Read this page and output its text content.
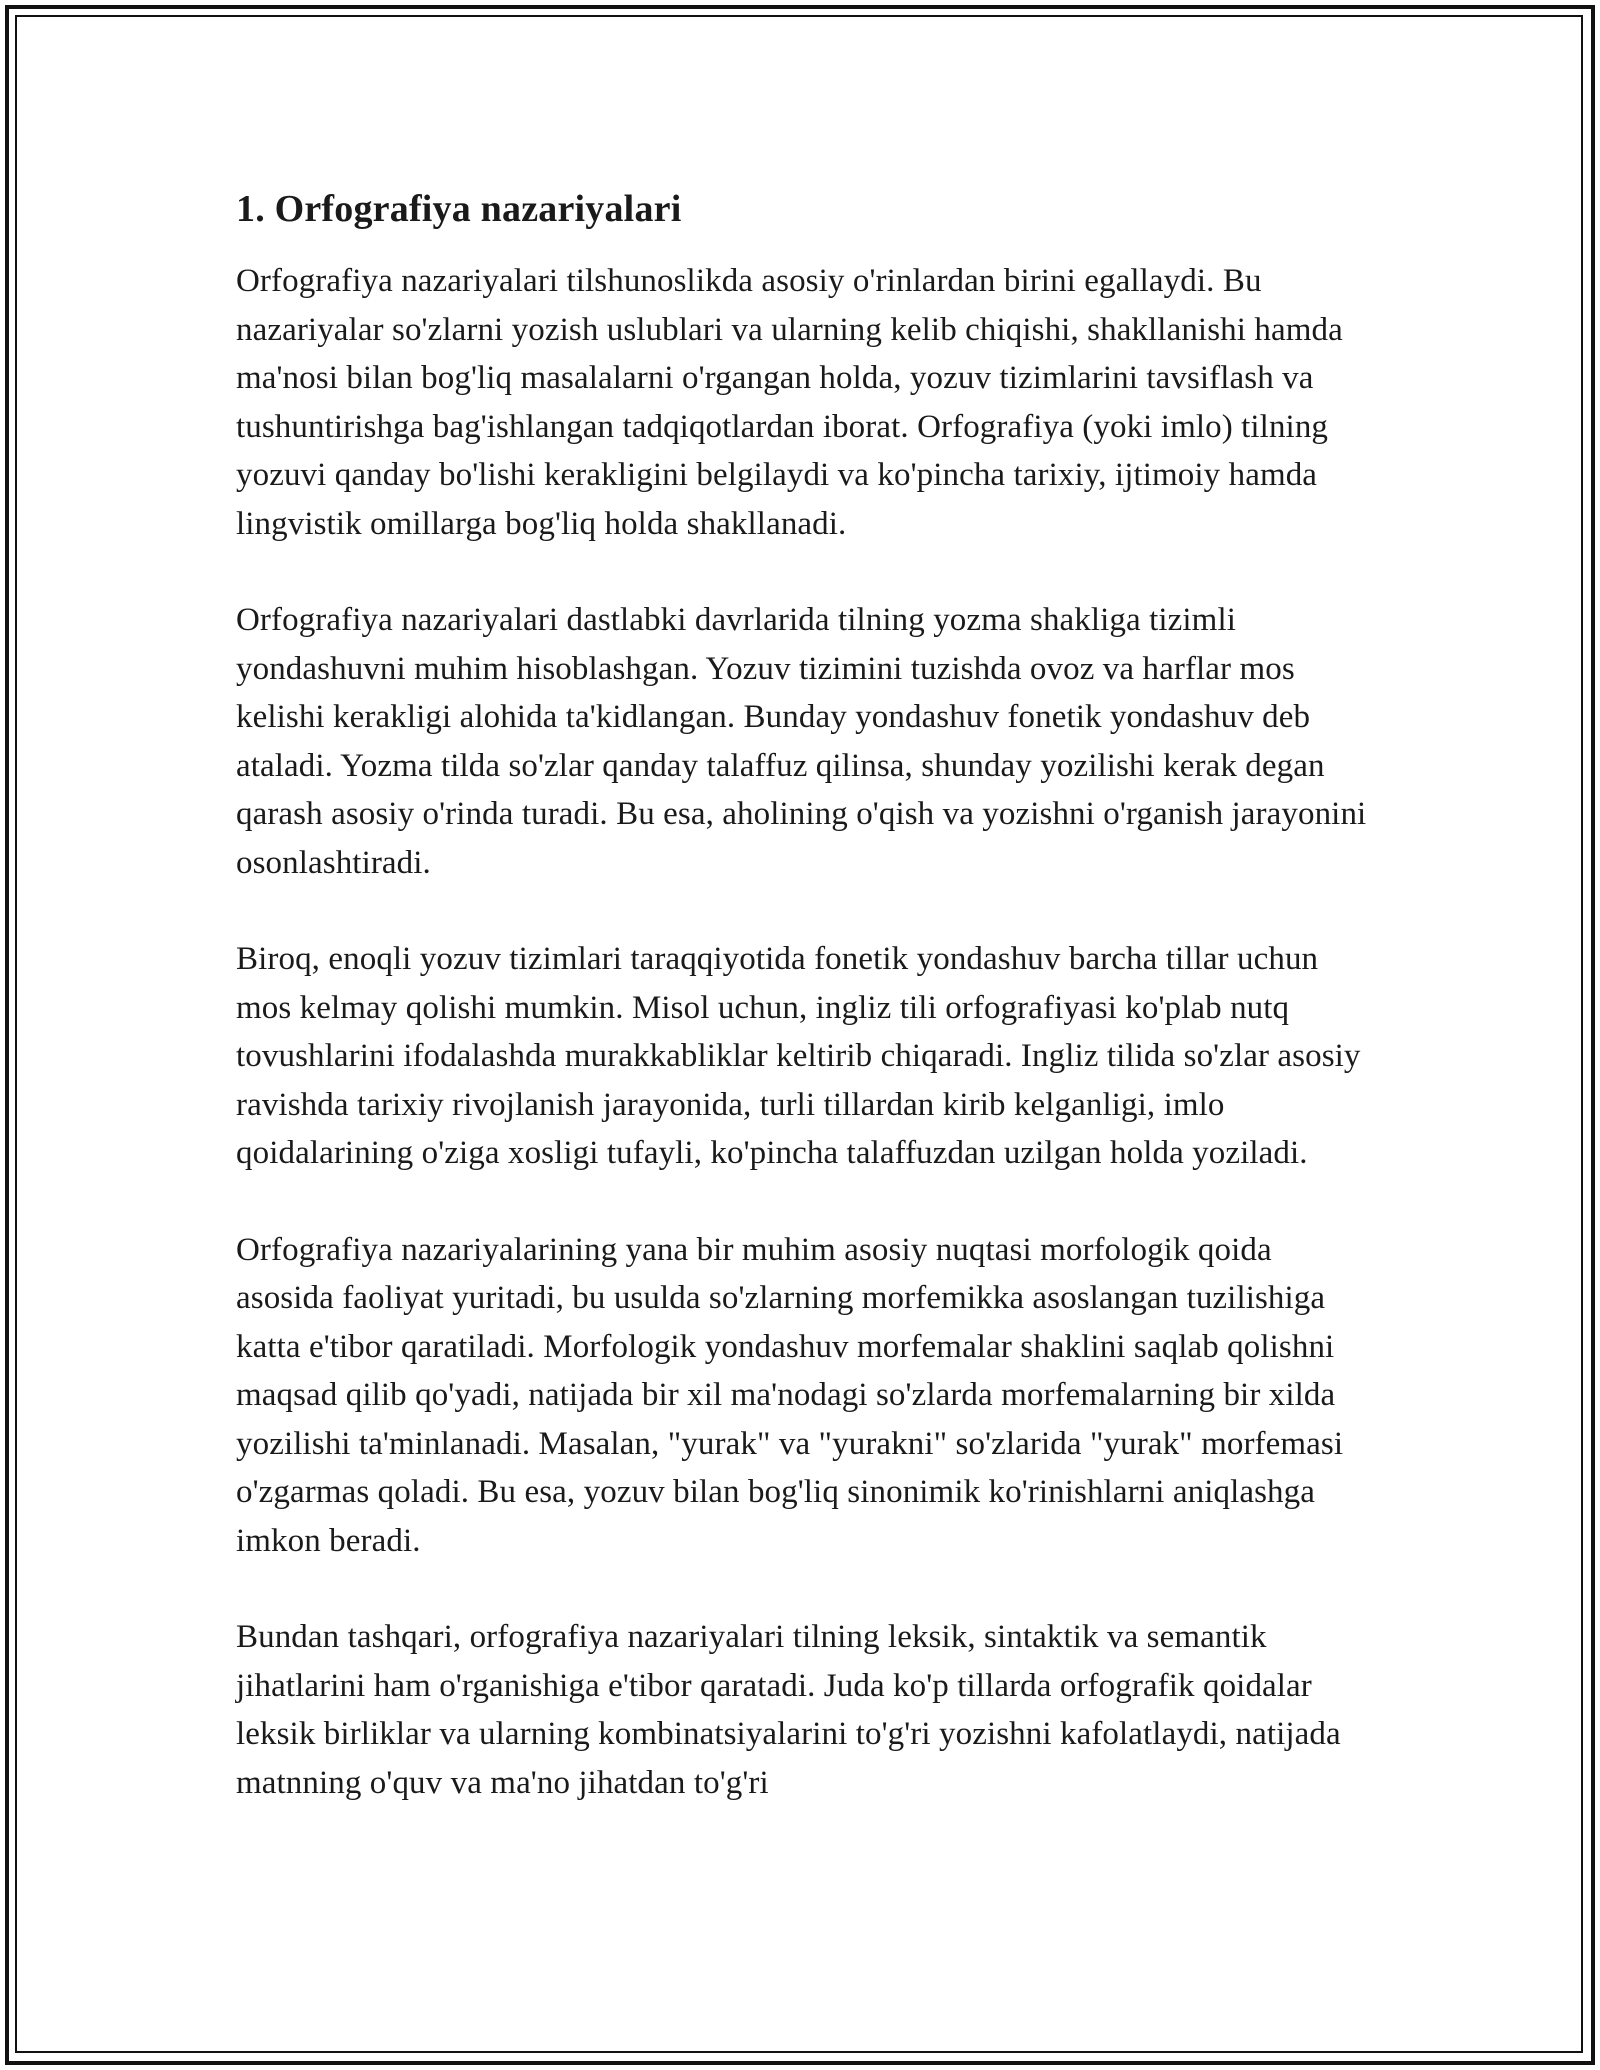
1. Orfografiya nazariyalari

Orfografiya nazariyalari tilshunoslikda asosiy o'rinlardan birini egallaydi. Bu nazariyalar so'zlarni yozish uslublari va ularning kelib chiqishi, shakllanishi hamda ma'nosi bilan bog'liq masalalarni o'rgangan holda, yozuv tizimlarini tavsiflash va tushuntirishga bag'ishlangan tadqiqotlardan iborat. Orfografiya (yoki imlo) tilning yozuvi qanday bo'lishi kerakligini belgilaydi va ko'pincha tarixiy, ijtimoiy hamda lingvistik omillarga bog'liq holda shakllanadi.

Orfografiya nazariyalari dastlabki davrlarida tilning yozma shakliga tizimli yondashuvni muhim hisoblashgan. Yozuv tizimini tuzishda ovoz va harflar mos kelishi kerakligi alohida ta'kidlangan. Bunday yondashuv fonetik yondashuv deb ataladi. Yozma tilda so'zlar qanday talaffuz qilinsa, shunday yozilishi kerak degan qarash asosiy o'rinda turadi. Bu esa, aholining o'qish va yozishni o'rganish jarayonini osonlashtiradi.

Biroq, enoqli yozuv tizimlari taraqqiyotida fonetik yondashuv barcha tillar uchun mos kelmay qolishi mumkin. Misol uchun, ingliz tili orfografiyasi ko'plab nutq tovushlarini ifodalashda murakkabliklar keltirib chiqaradi. Ingliz tilida so'zlar asosiy ravishda tarixiy rivojlanish jarayonida, turli tillardan kirib kelganligi, imlo qoidalarining o'ziga xosligi tufayli, ko'pincha talaffuzdan uzilgan holda yoziladi.

Orfografiya nazariyalarining yana bir muhim asosiy nuqtasi morfologik qoida asosida faoliyat yuritadi, bu usulda so'zlarning morfemikka asoslangan tuzilishiga katta e'tibor qaratiladi. Morfologik yondashuv morfemalar shaklini saqlab qolishni maqsad qilib qo'yadi, natijada bir xil ma'nodagi so'zlarda morfemalarning bir xilda yozilishi ta'minlanadi. Masalan, "yurak" va "yurakni" so'zlarida "yurak" morfemasi o'zgarmas qoladi. Bu esa, yozuv bilan bog'liq sinonimik ko'rinishlarni aniqlashga imkon beradi.

Bundan tashqari, orfografiya nazariyalari tilning leksik, sintaktik va semantik jihatlarini ham o'rganishiga e'tibor qaratadi. Juda ko'p tillarda orfografik qoidalar leksik birliklar va ularning kombinatsiyalarini to'g'ri yozishni kafolatlaydi, natijada matnning o'quv va ma'no jihatdan to'g'ri
